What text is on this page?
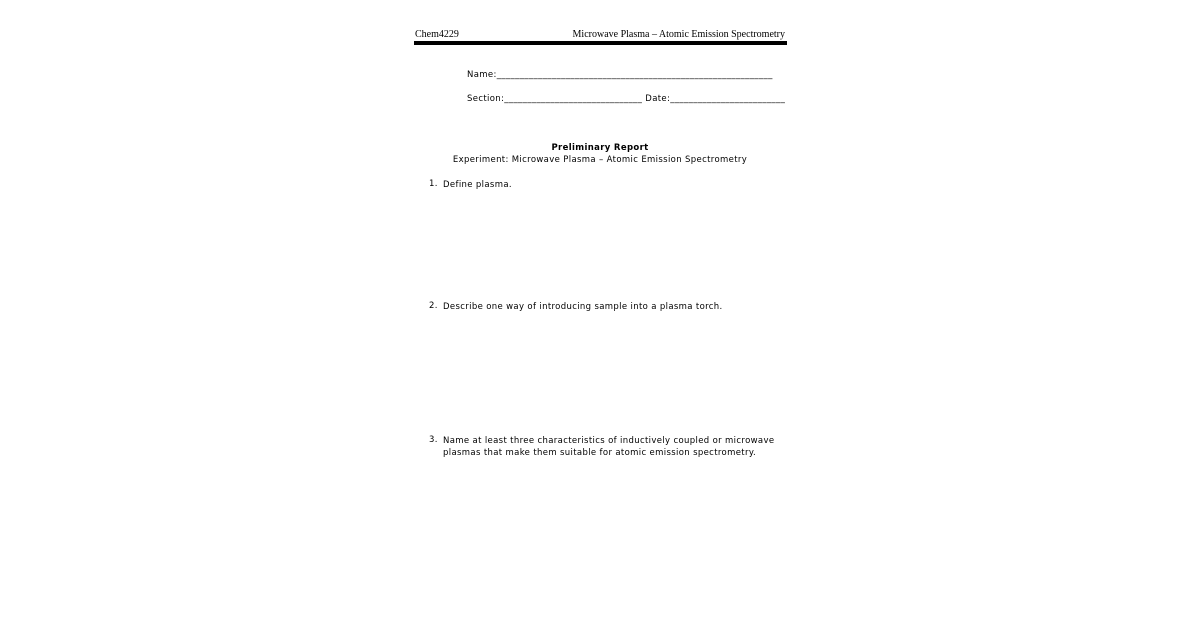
Chem4229	Microwave Plasma – Atomic Emission Spectrometry
Name:____________________________________________________________
Section:______________________________ Date:_________________________
Preliminary Report
Experiment: Microwave Plasma – Atomic Emission Spectrometry
1. Define plasma.
2. Describe one way of introducing sample into a plasma torch.
3. Name at least three characteristics of inductively coupled or microwave plasmas that make them suitable for atomic emission spectrometry.
